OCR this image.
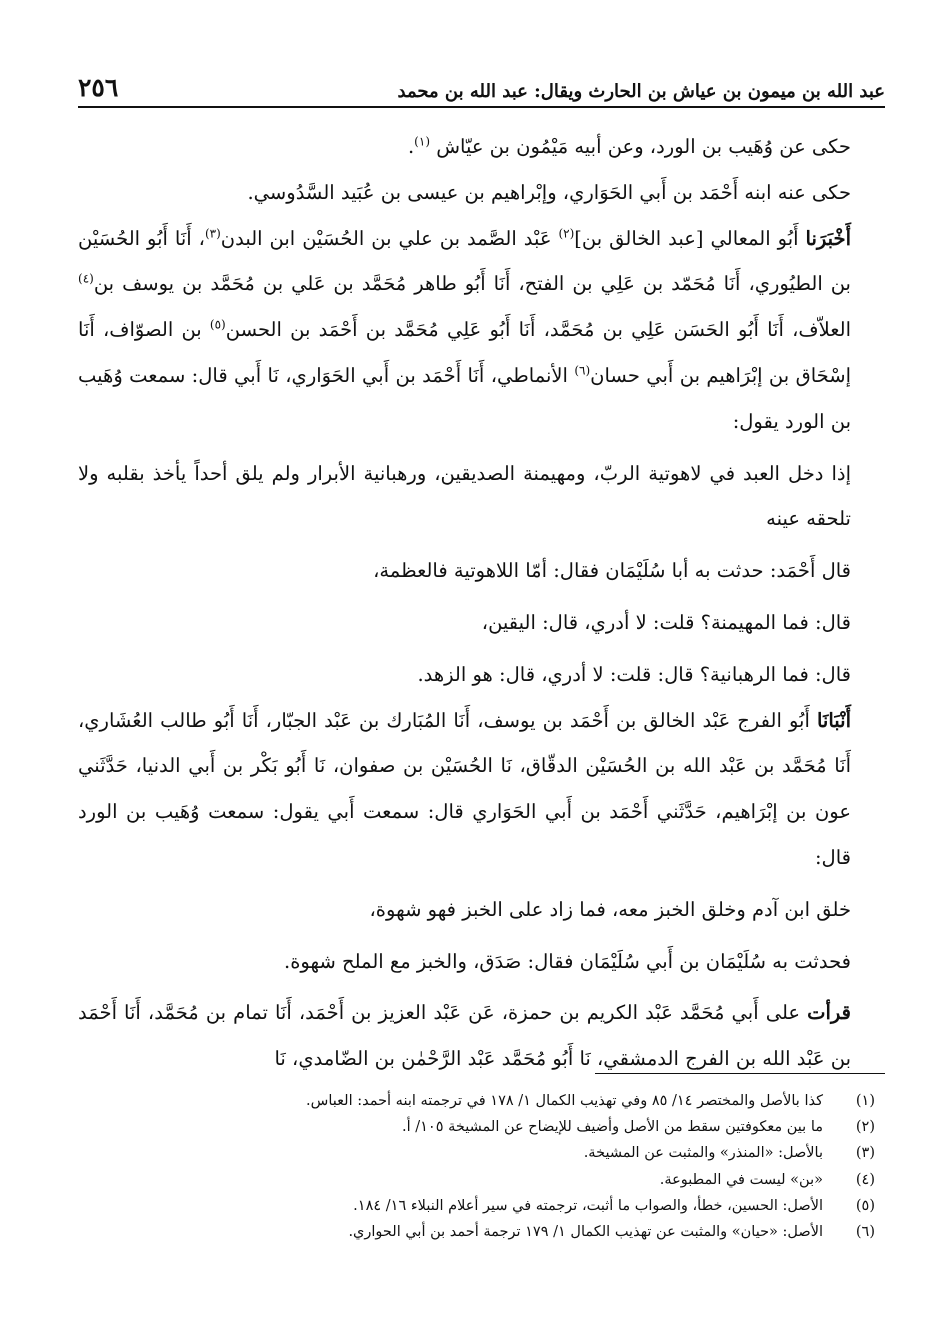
عبد الله بن ميمون بن عياش بن الحارث ويقال: عبد الله بن محمد
٢٥٦

حكى عن وُهَيب بن الورد، وعن أبيه مَيْمُون بن عيّاش $^{(١)}$.

حكى عنه ابنه أَحْمَد بن أَبي الحَوَاري، وإبْراهيم بن عيسى بن عُبَيد السَّدُوسي.

أَخْبَرَنا أَبُو المعالي [عبد الخالق بن]$^{(٢)}$ عَبْد الصَّمد بن علي بن الحُسَيْن ابن البدن$^{(٣)}$، أَنَا أَبُو الحُسَيْن بن الطيُوري، أَنَا مُحَمّد بن عَلِي بن الفتح، أَنَا أَبُو طاهر مُحَمَّد بن عَلي بن مُحَمَّد بن يوسف بن$^{(٤)}$ العلاّف، أَنَا أَبُو الحَسَن عَلِي بن مُحَمَّد، أَنَا أَبُو عَلِي مُحَمَّد بن أَحْمَد بن الحسن$^{(٥)}$ بن الصوّاف، أَنَا إسْحَاق بن إبْرَاهيم بن أَبي حسان$^{(٦)}$ الأنماطي، أَنَا أَحْمَد بن أَبي الحَوَاري، نَا أَبي قال: سمعت وُهَيب بن الورد يقول:

إذا دخل العبد في لاهوتية الربّ، ومهيمنة الصديقين، ورهبانية الأبرار ولم يلق أحداً يأخذ بقلبه ولا تلحقه عينه

قال أَحْمَد: حدثت به أبا سُلَيْمَان فقال: أمّا اللاهوتية فالعظمة،

قال: فما المهيمنة؟ قلت: لا أدري، قال: اليقين،

قال: فما الرهبانية؟ قال: قلت: لا أدري، قال: هو الزهد.

أَنْبَانَا أَبُو الفرج عَبْد الخالق بن أَحْمَد بن يوسف، أَنَا المُبَارك بن عَبْد الجبّار، أَنَا أَبُو طالب العُشَاري، أَنَا مُحَمَّد بن عَبْد الله بن الحُسَيْن الدقّاق، نَا الحُسَيْن بن صفوان، نَا أَبُو بَكْر بن أَبي الدنيا، حَدَّثَني عون بن إبْرَاهيم، حَدَّثَني أَحْمَد بن أَبي الحَوَاري قال: سمعت أَبي يقول: سمعت وُهَيب بن الورد قال:

خلق ابن آدم وخلق الخبز معه، فما زاد على الخبز فهو شهوة،

فحدثت به سُلَيْمَان بن أَبي سُلَيْمَان فقال: صَدَق، والخبز مع الملح شهوة.

قرأت على أَبي مُحَمَّد عَبْد الكريم بن حمزة، عَن عَبْد العزيز بن أَحْمَد، أَنَا تمام بن مُحَمَّد، أَنَا أَحْمَد بن عَبْد الله بن الفرج الدمشقي، نَا أَبُو مُحَمَّد عَبْد الرَّحْمٰن بن الضّامدي، نَا

(١)
كذا بالأصل والمختصر ١٤/ ٨٥ وفي تهذيب الكمال ١/ ١٧٨ في ترجمته ابنه أحمد: العباس.
(٢)
ما بين معكوفتين سقط من الأصل وأضيف للإيضاح عن المشيخة ١٠٥/ أ.
(٣)
بالأصل: «المنذر» والمثبت عن المشيخة.
(٤)
«بن» ليست في المطبوعة.
(٥)
الأصل: الحسين، خطأ، والصواب ما أثبت، ترجمته في سير أعلام النبلاء ١٦/ ١٨٤.
(٦)
الأصل: «حيان» والمثبت عن تهذيب الكمال ١/ ١٧٩ ترجمة أحمد بن أبي الحواري.
